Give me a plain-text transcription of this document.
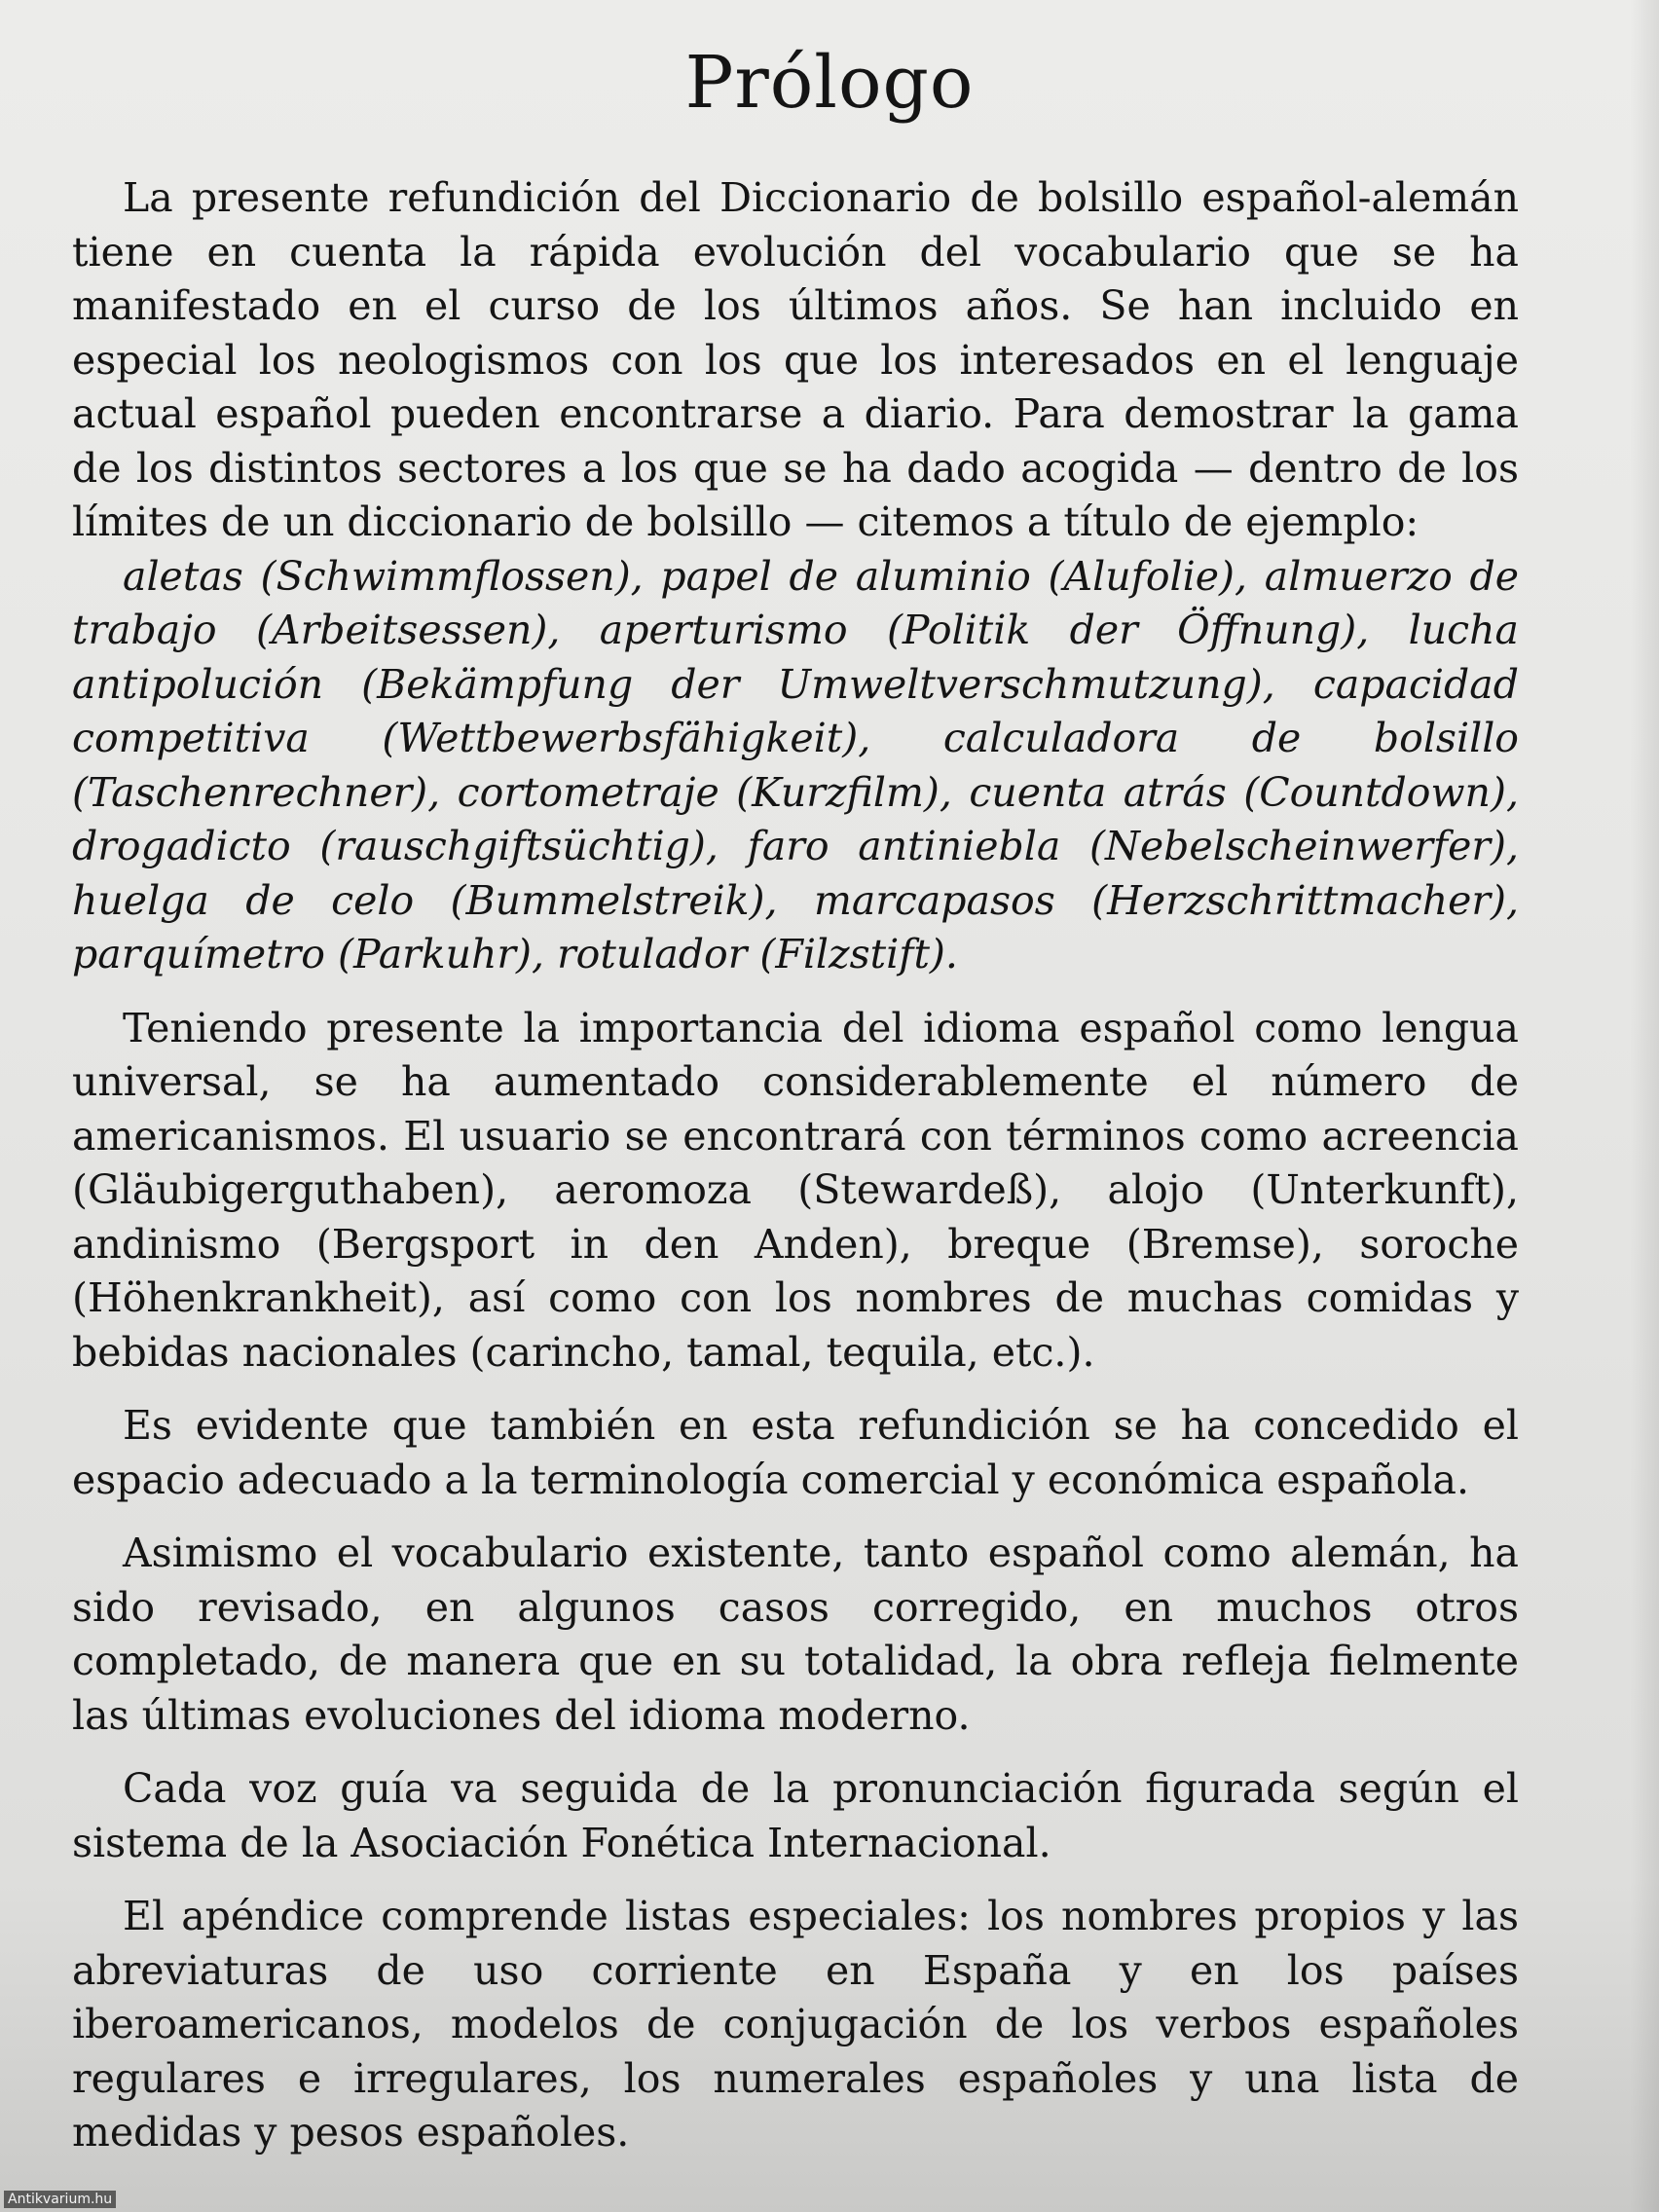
Prólogo

La presente refundición del Diccionario de bolsillo español-alemán tiene en cuenta la rápida evolución del vocabulario que se ha manifestado en el curso de los últimos años. Se han incluido en especial los neologismos con los que los interesados en el lenguaje actual español pueden encontrarse a diario. Para demostrar la gama de los distintos sectores a los que se ha dado acogida — dentro de los límites de un diccionario de bolsillo — citemos a título de ejemplo:

aletas (Schwimmflossen), papel de aluminio (Alufolie), almuerzo de trabajo (Arbeitsessen), aperturismo (Politik der Öffnung), lucha antipolución (Bekämpfung der Umweltverschmutzung), capacidad competitiva (Wettbewerbsfähigkeit), calculadora de bolsillo (Taschenrechner), cortometraje (Kurzfilm), cuenta atrás (Countdown), drogadicto (rauschgiftsüchtig), faro antiniebla (Nebelscheinwerfer), huelga de celo (Bummelstreik), marcapasos (Herzschrittmacher), parquímetro (Parkuhr), rotulador (Filzstift).

Teniendo presente la importancia del idioma español como lengua universal, se ha aumentado considerablemente el número de americanismos. El usuario se encontrará con términos como acreencia (Gläubigerguthaben), aeromoza (Stewardeß), alojo (Unterkunft), andinismo (Bergsport in den Anden), breque (Bremse), soroche (Höhenkrankheit), así como con los nombres de muchas comidas y bebidas nacionales (carincho, tamal, tequila, etc.).

Es evidente que también en esta refundición se ha concedido el espacio adecuado a la terminología comercial y económica española.

Asimismo el vocabulario existente, tanto español como alemán, ha sido revisado, en algunos casos corregido, en muchos otros completado, de manera que en su totalidad, la obra refleja fielmente las últimas evoluciones del idioma moderno.

Cada voz guía va seguida de la pronunciación figurada según el sistema de la Asociación Fonética Internacional.

El apéndice comprende listas especiales: los nombres propios y las abreviaturas de uso corriente en España y en los países iberoamericanos, modelos de conjugación de los verbos españoles regulares e irregulares, los numerales españoles y una lista de medidas y pesos españoles.

Antikvarium.hu
